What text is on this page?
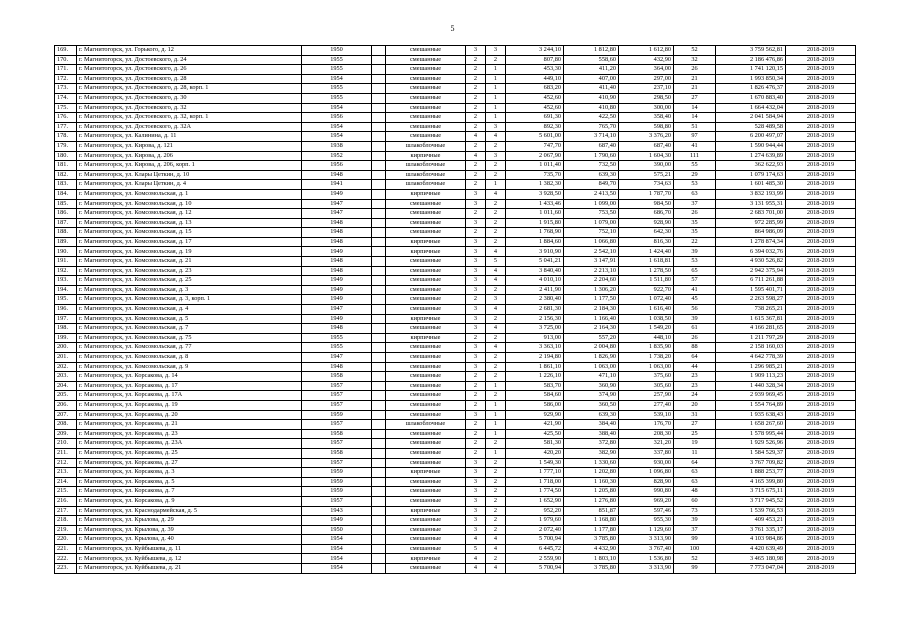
5
169.	г. Магнитогорск, ул. Горького, д. 12	1950		смешанные	3	3	3 244,10	1 812,80	1 612,80	52	3 759 562,81	2018-2019
170.	г. Магнитогорск, ул. Достоевского, д. 24	1955		смешанные	2	2	807,80	558,60	432,90	32	2 186 476,86	2018-2019
171.	г. Магнитогорск, ул. Достоевского, д. 26	1955		смешанные	2	1	453,30	411,20	364,00	26	1 741 120,15	2018-2019
172.	г. Магнитогорск, ул. Достоевского, д. 28	1954		смешанные	2	1	449,10	407,00	297,00	21	1 993 850,34	2018-2019
173.	г. Магнитогорск, ул. Достоевского, д. 28, корп. 1	1955		смешанные	2	1	683,20	411,40	237,10	21	1 826 476,37	2018-2019
174.	г. Магнитогорск, ул. Достоевского, д. 30	1955		смешанные	2	1	452,60	410,90	298,50	27	1 670 883,40	2018-2019
175.	г. Магнитогорск, ул. Достоевского, д. 32	1954		смешанные	2	1	452,60	410,80	300,00	14	1 664 432,04	2018-2019
176.	г. Магнитогорск, ул. Достоевского, д. 32, корп. 1	1956		смешанные	2	1	691,30	422,50	358,40	14	2 041 584,94	2018-2019
177.	г. Магнитогорск, ул. Достоевского, д. 32А	1954		смешанные	2	3	892,30	765,70	598,80	51	528 489,58	2018-2019
178.	г. Магнитогорск, ул. Калинина, д. 11	1954		смешанные	4	4	5 601,00	3 714,10	3 376,20	97	6 200 497,07	2018-2019
179.	г. Магнитогорск, ул. Кирова, д. 121	1938		шлакоблочные	2	2	747,70	687,40	687,40	41	1 590 944,44	2018-2019
180.	г. Магнитогорск, ул. Кирова, д. 206	1952		кирпичные	4	3	2 067,90	1 790,60	1 604,30	111	1 274 639,89	2018-2019
181.	г. Магнитогорск, ул. Кирова, д. 206, корп. 1	1956		шлакоблочные	2	2	1 011,40	732,50	390,00	55	362 622,93	2018-2019
182.	г. Магнитогорск, ул. Клары Цеткин, д. 10	1948		шлакоблочные	2	2	735,70	639,30	575,21	29	1 079 174,63	2018-2019
183.	г. Магнитогорск, ул. Клары Цеткин, д. 4	1941		шлакоблочные	2	1	1 382,30	849,70	734,63	53	1 601 485,30	2018-2019
184.	г. Магнитогорск, ул. Комсомольская, д. 1	1949		кирпичные	3	4	3 928,50	2 413,50	1 787,70	63	3 832 193,99	2018-2019
185.	г. Магнитогорск, ул. Комсомольская, д. 10	1947		смешанные	3	2	1 433,46	1 099,00	984,50	37	3 131 955,31	2018-2019
186.	г. Магнитогорск, ул. Комсомольская, д. 12	1947		смешанные	2	2	1 011,60	753,50	686,70	26	2 683 701,00	2018-2019
187.	г. Магнитогорск, ул. Комсомольская, д. 13	1948		смешанные	3	2	1 915,80	1 079,00	928,90	35	972 285,99	2018-2019
188.	г. Магнитогорск, ул. Комсомольская, д. 15	1948		смешанные	2	2	1 768,90	752,10	642,30	35	864 986,09	2018-2019
189.	г. Магнитогорск, ул. Комсомольская, д. 17	1948		кирпичные	3	2	1 884,60	1 066,80	816,30	22	1 278 874,34	2018-2019
190.	г. Магнитогорск, ул. Комсомольская, д. 19	1949		кирпичные	3	4	3 910,90	2 542,10	1 424,40	39	6 394 032,76	2018-2019
191.	г. Магнитогорск, ул. Комсомольская, д. 21	1948		смешанные	3	5	5 041,21	3 147,91	1 618,81	53	4 930 526,82	2018-2019
192.	г. Магнитогорск, ул. Комсомольская, д. 23	1948		смешанные	3	4	3 840,40	2 213,10	1 278,50	65	2 942 375,94	2018-2019
193.	г. Магнитогорск, ул. Комсомольская, д. 25	1949		смешанные	3	4	4 010,10	2 204,60	1 511,80	57	6 711 261,88	2018-2019
194.	г. Магнитогорск, ул. Комсомольская, д. 3	1949		смешанные	3	2	2 411,90	1 306,20	922,70	41	1 595 401,71	2018-2019
195.	г. Магнитогорск, ул. Комсомольская, д. 3, корп. 1	1949		смешанные	2	3	2 380,40	1 177,50	1 072,40	45	2 263 598,27	2018-2019
196.	г. Магнитогорск, ул. Комсомольская, д. 4	1947		смешанные	3	4	2 681,30	2 184,30	1 616,40	56	738 265,21	2018-2019
197.	г. Магнитогорск, ул. Комсомольская, д. 5	1949		кирпичные	3	2	2 156,30	1 166,40	1 038,50	39	1 615 367,81	2018-2019
198.	г. Магнитогорск, ул. Комсомольская, д. 7	1948		смешанные	3	4	3 725,00	2 164,30	1 549,20	61	4 166 281,65	2018-2019
199.	г. Магнитогорск, ул. Комсомольская, д. 75	1955		кирпичные	2	2	913,00	557,20	448,10	26	1 211 797,29	2018-2019
200.	г. Магнитогорск, ул. Комсомольская, д. 77	1955		смешанные	3	4	3 363,10	2 004,80	1 835,90	88	2 158 160,03	2018-2019
201.	г. Магнитогорск, ул. Комсомольская, д. 8	1947		смешанные	3	2	2 194,80	1 826,90	1 738,20	64	4 642 778,39	2018-2019
202.	г. Магнитогорск, ул. Комсомольская, д. 9	1948		смешанные	3	2	1 861,10	1 063,00	1 063,00	44	1 296 985,21	2018-2019
203.	г. Магнитогорск, ул. Корсакова, д. 14	1958		смешанные	2	2	1 226,10	471,10	375,60	23	1 909 113,23	2018-2019
204.	г. Магнитогорск, ул. Корсакова, д. 17	1957		смешанные	2	1	583,70	360,90	305,60	23	1 440 328,34	2018-2019
205.	г. Магнитогорск, ул. Корсакова, д. 17А	1957		смешанные	2	2	584,60	374,90	257,90	24	2 939 969,45	2018-2019
206.	г. Магнитогорск, ул. Корсакова, д. 19	1957		смешанные	2	1	586,00	360,50	277,40	20	1 554 764,89	2018-2019
207.	г. Магнитогорск, ул. Корсакова, д. 20	1959		смешанные	3	1	929,90	639,30	539,10	31	1 935 638,43	2018-2019
208.	г. Магнитогорск, ул. Корсакова, д. 21	1957		шлакоблочные	2	1	421,90	384,40	176,70	27	1 658 267,60	2018-2019
209.	г. Магнитогорск, ул. Корсакова, д. 23	1958		смешанные	2	1	425,50	388,40	208,30	25	1 578 995,44	2018-2019
210.	г. Магнитогорск, ул. Корсакова, д. 23А	1957		смешанные	2	2	581,30	372,80	321,20	19	1 929 526,96	2018-2019
211.	г. Магнитогорск, ул. Корсакова, д. 25	1958		смешанные	2	1	420,20	382,90	337,80	11	1 584 529,37	2018-2019
212.	г. Магнитогорск, ул. Корсакова, д. 27	1957		смешанные	3	2	1 549,30	1 330,60	930,00	64	3 767 709,82	2018-2019
213.	г. Магнитогорск, ул. Корсакова, д. 3	1959		кирпичные	3	2	1 777,10	1 202,80	1 096,80	63	1 888 253,77	2018-2019
214.	г. Магнитогорск, ул. Корсакова, д. 5	1959		смешанные	3	2	1 718,00	1 160,30	828,90	63	4 165 399,80	2018-2019
215.	г. Магнитогорск, ул. Корсакова, д. 7	1959		смешанные	3	2	1 774,50	1 205,80	990,80	48	3 715 675,11	2018-2019
216.	г. Магнитогорск, ул. Корсакова, д. 9	1957		смешанные	3	2	1 652,90	1 276,80	969,20	60	3 717 945,52	2018-2019
217.	г. Магнитогорск, ул. Краснодармейская, д. 5	1943		кирпичные	3	2	952,20	851,87	597,46	73	1 539 766,53	2018-2019
218.	г. Магнитогорск, ул. Крылова, д. 29	1949		смешанные	3	2	1 979,60	1 168,80	955,30	39	409 453,21	2018-2019
219.	г. Магнитогорск, ул. Крылова, д. 39	1950		смешанные	3	2	2 072,40	1 177,80	1 129,60	37	3 761 335,17	2018-2019
220.	г. Магнитогорск, ул. Крылова, д. 40	1954		смешанные	4	4	5 700,94	3 785,80	3 313,90	99	4 103 984,86	2018-2019
221.	г. Магнитогорск, ул. Куйбышева, д. 11	1954		смешанные	5	4	6 445,72	4 432,90	3 767,40	100	4 420 639,49	2018-2019
222.	г. Магнитогорск, ул. Куйбышева, д. 12	1954		кирпичные	4	2	2 559,90	1 803,10	1 536,80	52	3 465 180,98	2018-2019
223.	г. Магнитогорск, ул. Куйбышева, д. 21	1954		смешанные	4	4	5 700,94	3 785,80	3 313,90	99	7 773 047,04	2018-2019
